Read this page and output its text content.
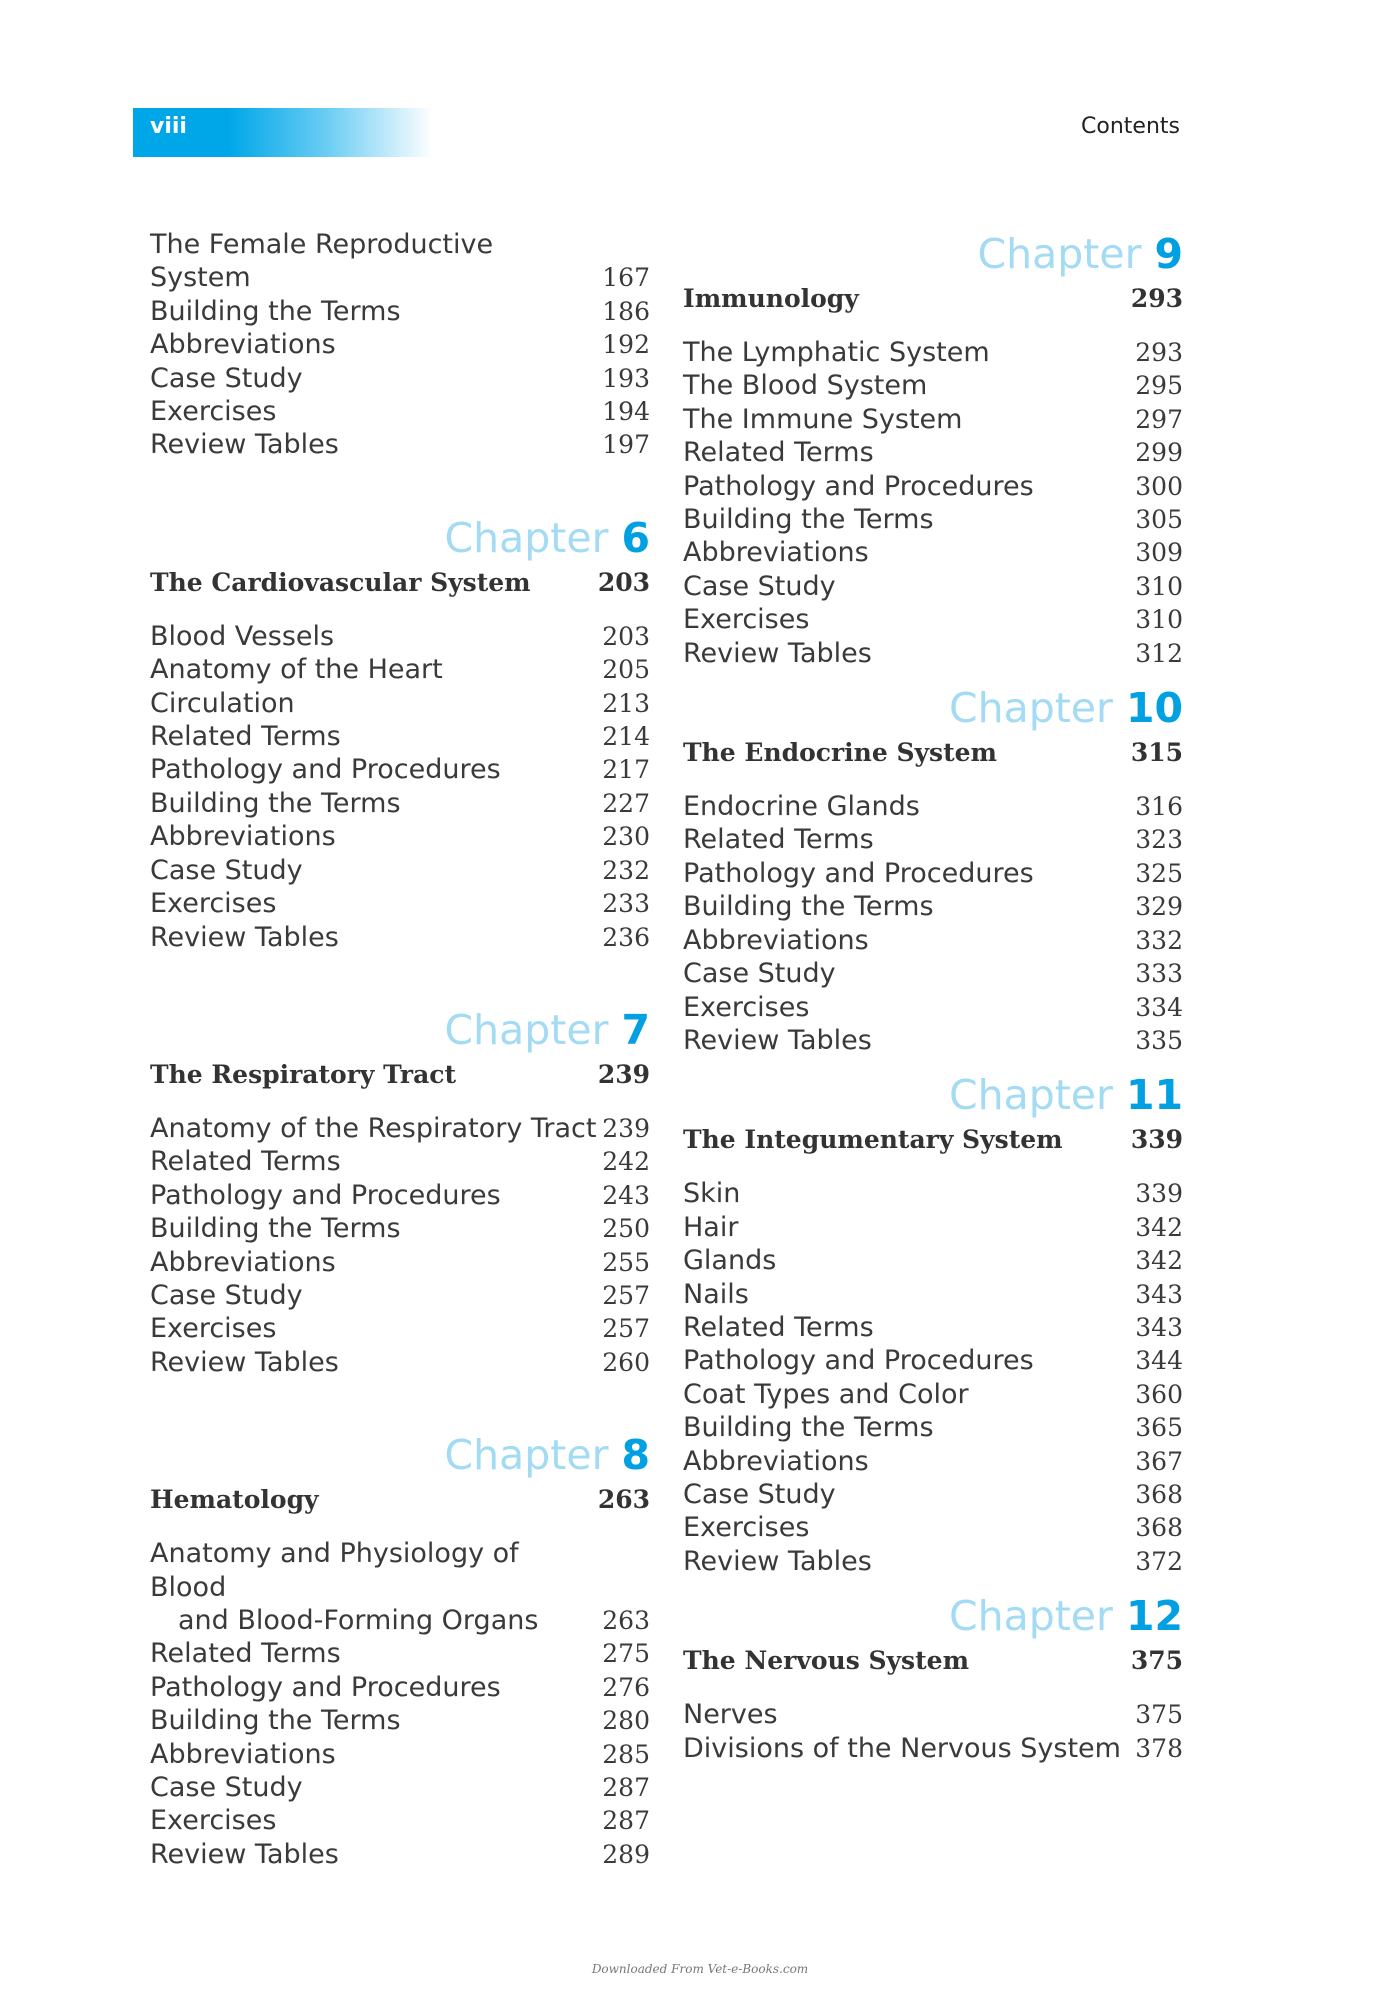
viii	Contents
The Female Reproductive System	167
Building the Terms	186
Abbreviations	192
Case Study	193
Exercises	194
Review Tables	197
Chapter 6
The Cardiovascular System	203
Blood Vessels	203
Anatomy of the Heart	205
Circulation	213
Related Terms	214
Pathology and Procedures	217
Building the Terms	227
Abbreviations	230
Case Study	232
Exercises	233
Review Tables	236
Chapter 7
The Respiratory Tract	239
Anatomy of the Respiratory Tract 239
Related Terms	242
Pathology and Procedures	243
Building the Terms	250
Abbreviations	255
Case Study	257
Exercises	257
Review Tables	260
Chapter 8
Hematology	263
Anatomy and Physiology of Blood
and Blood-Forming Organs	263
Related Terms	275
Pathology and Procedures	276
Building the Terms	280
Abbreviations	285
Case Study	287
Exercises	287
Review Tables	289
Chapter 9
Immunology	293
The Lymphatic System	293
The Blood System	295
The Immune System	297
Related Terms	299
Pathology and Procedures	300
Building the Terms	305
Abbreviations	309
Case Study	310
Exercises	310
Review Tables	312
Chapter 10
The Endocrine System	315
Endocrine Glands	316
Related Terms	323
Pathology and Procedures	325
Building the Terms	329
Abbreviations	332
Case Study	333
Exercises	334
Review Tables	335
Chapter 11
The Integumentary System	339
Skin	339
Hair	342
Glands	342
Nails	343
Related Terms	343
Pathology and Procedures	344
Coat Types and Color	360
Building the Terms	365
Abbreviations	367
Case Study	368
Exercises	368
Review Tables	372
Chapter 12
The Nervous System	375
Nerves	375
Divisions of the Nervous System 378
Downloaded From Vet-e-Books.com
